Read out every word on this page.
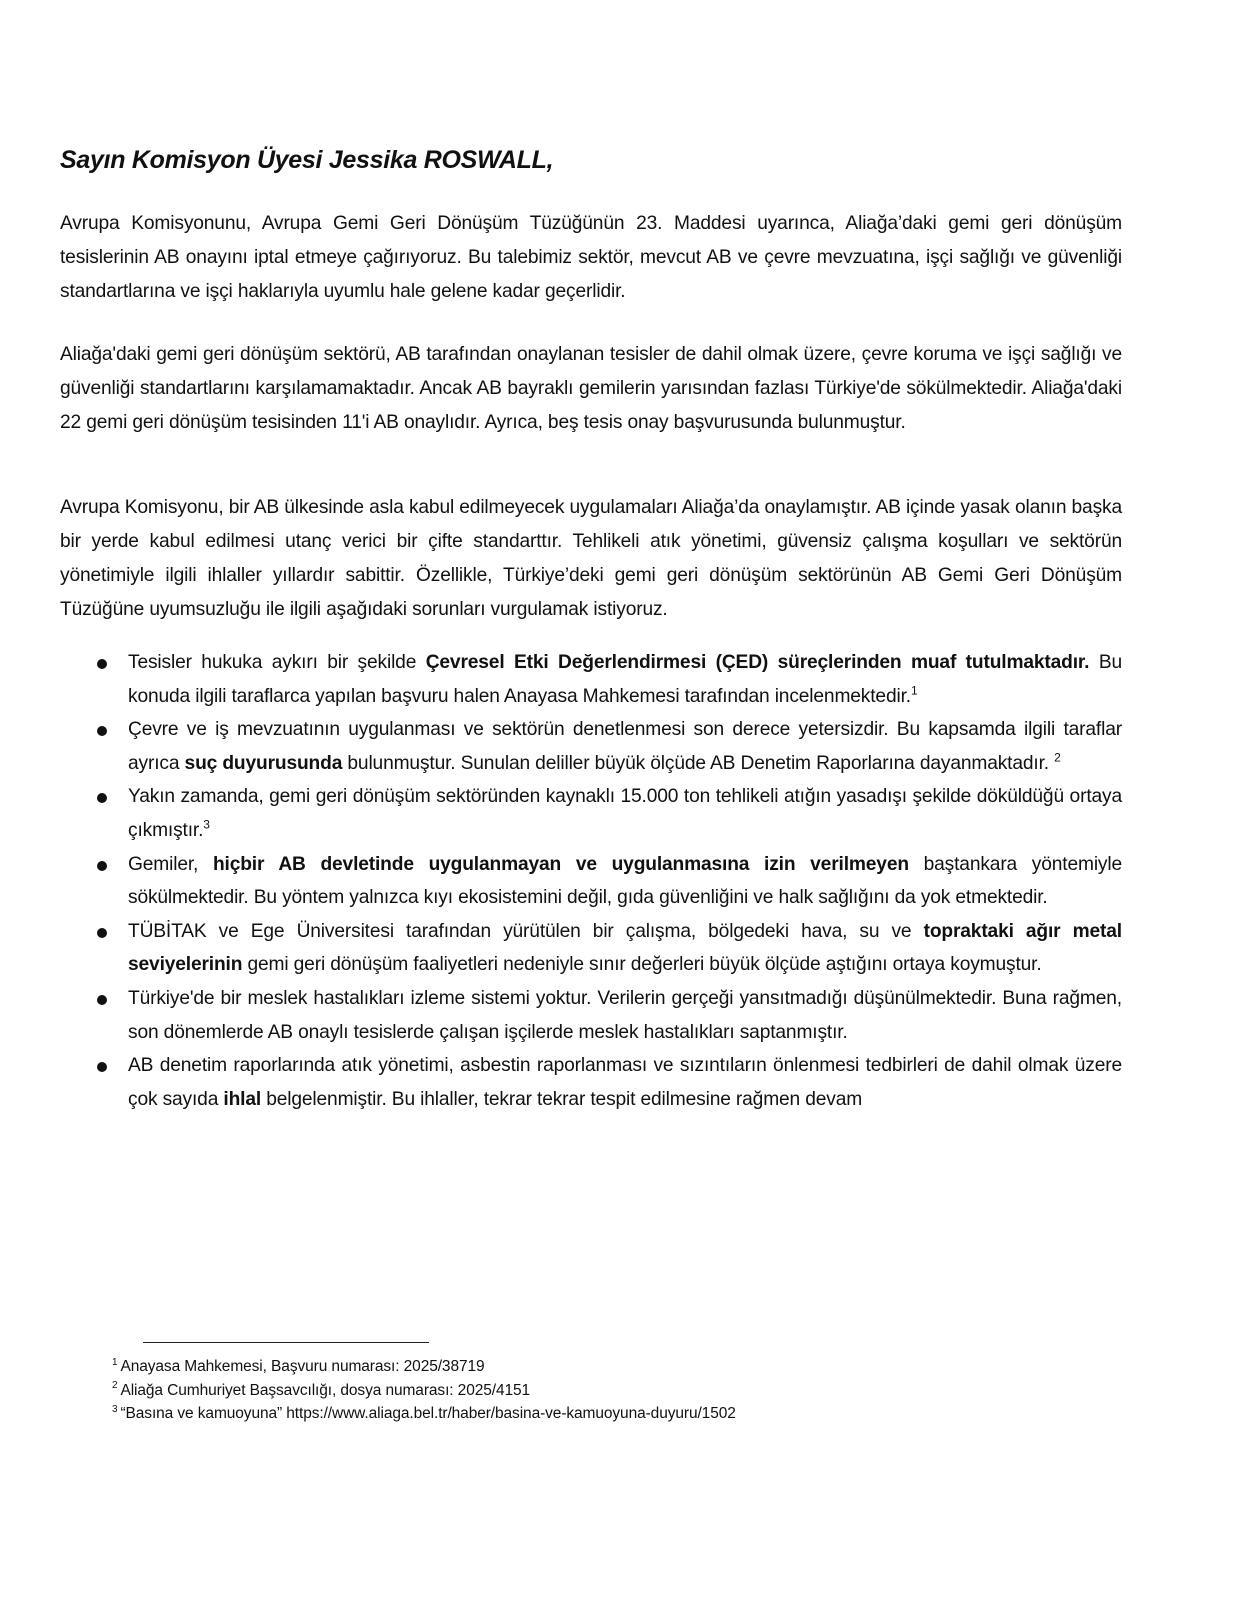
Sayın Komisyon Üyesi Jessika ROSWALL,

Avrupa Komisyonunu, Avrupa Gemi Geri Dönüşüm Tüzüğünün 23. Maddesi uyarınca, Aliağa’daki gemi geri dönüşüm tesislerinin AB onayını iptal etmeye çağırıyoruz. Bu talebimiz sektör, mevcut AB ve çevre mevzuatına, işçi sağlığı ve güvenliği standartlarına ve işçi haklarıyla uyumlu hale gelene kadar geçerlidir.

Aliağa'daki gemi geri dönüşüm sektörü, AB tarafından onaylanan tesisler de dahil olmak üzere, çevre koruma ve işçi sağlığı ve güvenliği standartlarını karşılamamaktadır. Ancak AB bayraklı gemilerin yarısından fazlası Türkiye'de sökülmektedir. Aliağa'daki 22 gemi geri dönüşüm tesisinden 11'i AB onaylıdır. Ayrıca, beş tesis onay başvurusunda bulunmuştur.

Avrupa Komisyonu, bir AB ülkesinde asla kabul edilmeyecek uygulamaları Aliağa’da onaylamıştır. AB içinde yasak olanın başka bir yerde kabul edilmesi utanç verici bir çifte standarttır. Tehlikeli atık yönetimi, güvensiz çalışma koşulları ve sektörün yönetimiyle ilgili ihlaller yıllardır sabittir. Özellikle, Türkiye’deki gemi geri dönüşüm sektörünün AB Gemi Geri Dönüşüm Tüzüğüne uyumsuzluğu ile ilgili aşağıdaki sorunları vurgulamak istiyoruz.

Tesisler hukuka aykırı bir şekilde Çevresel Etki Değerlendirmesi (ÇED) süreçlerinden muaf tutulmaktadır. Bu konuda ilgili taraflarca yapılan başvuru halen Anayasa Mahkemesi tarafından incelenmektedir.$^1$
Çevre ve iş mevzuatının uygulanması ve sektörün denetlenmesi son derece yetersizdir. Bu kapsamda ilgili taraflar ayrıca suç duyurusunda bulunmuştur. Sunulan deliller büyük ölçüde AB Denetim Raporlarına dayanmaktadır. $^2$
Yakın zamanda, gemi geri dönüşüm sektöründen kaynaklı 15.000 ton tehlikeli atığın yasadışı şekilde döküldüğü ortaya çıkmıştır.$^3$
Gemiler, hiçbir AB devletinde uygulanmayan ve uygulanmasına izin verilmeyen baştankara yöntemiyle sökülmektedir. Bu yöntem yalnızca kıyı ekosistemini değil, gıda güvenliğini ve halk sağlığını da yok etmektedir.
TÜBİTAK ve Ege Üniversitesi tarafından yürütülen bir çalışma, bölgedeki hava, su ve topraktaki ağır metal seviyelerinin gemi geri dönüşüm faaliyetleri nedeniyle sınır değerleri büyük ölçüde aştığını ortaya koymuştur.
Türkiye'de bir meslek hastalıkları izleme sistemi yoktur. Verilerin gerçeği yansıtmadığı düşünülmektedir. Buna rağmen, son dönemlerde AB onaylı tesislerde çalışan işçilerde meslek hastalıkları saptanmıştır.
AB denetim raporlarında atık yönetimi, asbestin raporlanması ve sızıntıların önlenmesi tedbirleri de dahil olmak üzere çok sayıda ihlal belgelenmiştir. Bu ihlaller, tekrar tekrar tespit edilmesine rağmen devam
$^1$ Anayasa Mahkemesi, Başvuru numarası: 2025/38719
$^2$ Aliağa Cumhuriyet Başsavcılığı, dosya numarası: 2025/4151
$^3$ “Basına ve kamuoyuna” https://www.aliaga.bel.tr/haber/basina-ve-kamuoyuna-duyuru/1502
